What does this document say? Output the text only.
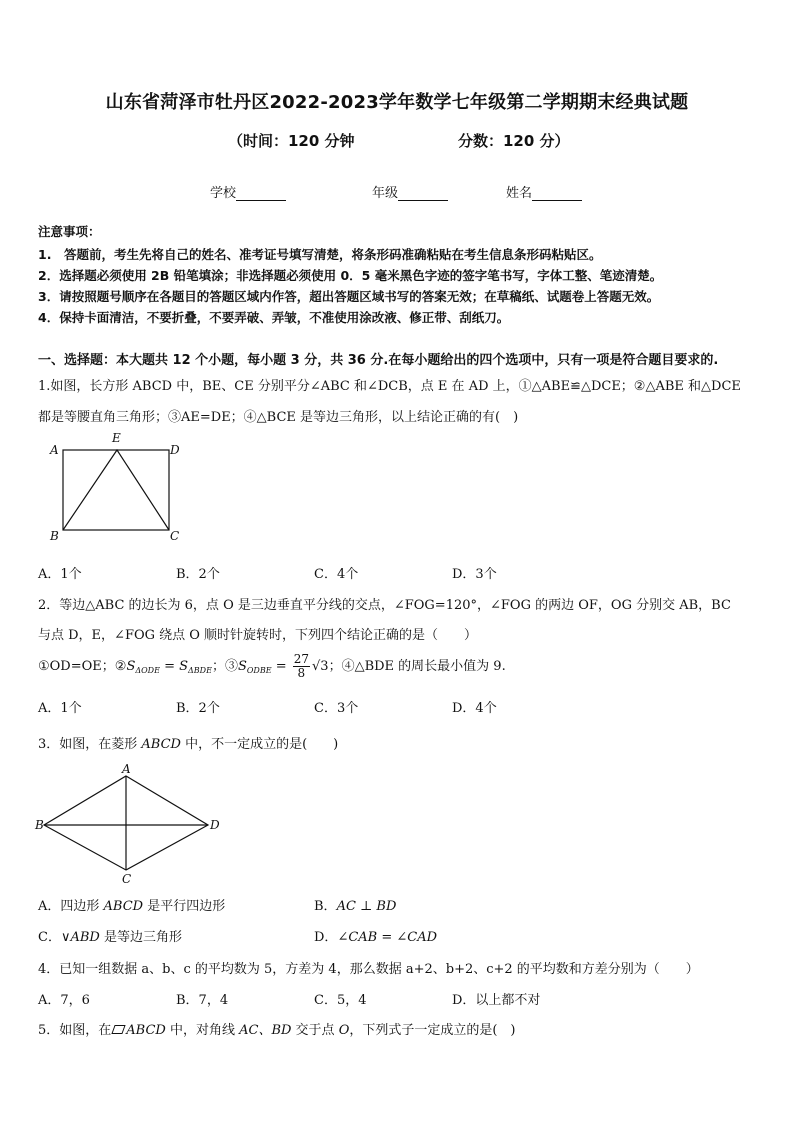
山东省菏泽市牡丹区2022-2023学年数学七年级第二学期期末经典试题
（时间：120 分钟	分数：120 分）
学校	年级	姓名
注意事项：
1.　答题前，考生先将自己的姓名、准考证号填写清楚，将条形码准确粘贴在考生信息条形码粘贴区。
2．选择题必须使用 2B 铅笔填涂；非选择题必须使用 0．5 毫米黑色字迹的签字笔书写，字体工整、笔迹清楚。
3．请按照题号顺序在各题目的答题区域内作答，超出答题区域书写的答案无效；在草稿纸、试题卷上答题无效。
4．保持卡面清洁，不要折叠，不要弄破、弄皱，不准使用涂改液、修正带、刮纸刀。
一、选择题：本大题共 12 个小题，每小题 3 分，共 36 分.在每小题给出的四个选项中，只有一项是符合题目要求的.
1.如图，长方形 ABCD 中，BE、CE 分别平分∠ABC 和∠DCB，点 E 在 AD 上，①△ABE≌△DCE；②△ABE 和△DCE
都是等腰直角三角形；③AE=DE；④△BCE 是等边三角形，以上结论正确的有(　)
A
E
D
B	C
A．1个	B．2个	C．4个	D．3个
2．等边△ABC 的边长为 6，点 O 是三边垂直平分线的交点，∠FOG=120°，∠FOG 的两边 OF，OG 分别交 AB，BC
与点 D，E，∠FOG 绕点 O 顺时针旋转时，下列四个结论正确的是（　　）
①OD=OE；$②S_{\Delta ODE} = S_{\Delta BDE}$；$③S_{ODBE} = \frac{27}{8} √3$；④△BDE 的周长最小值为 9.
A．1个	B．2个	C．3个	D．4个
3．如图，在菱形 ABCD 中，不一定成立的是(　　)
A
B	D
C
A．四边形 ABCD 是平行四边形	B．AC ⊥ BD
C．∨ABD 是等边三角形	D．∠CAB = ∠CAD
4．已知一组数据 a、b、c 的平均数为 5，方差为 4，那么数据 a+2、b+2、c+2 的平均数和方差分别为（　　）
A．7，6	B．7，4	C．5，4	D．以上都不对
5．如图，在 ABCD 中，对角线 AC、BD 交于点 O，下列式子一定成立的是(　)
